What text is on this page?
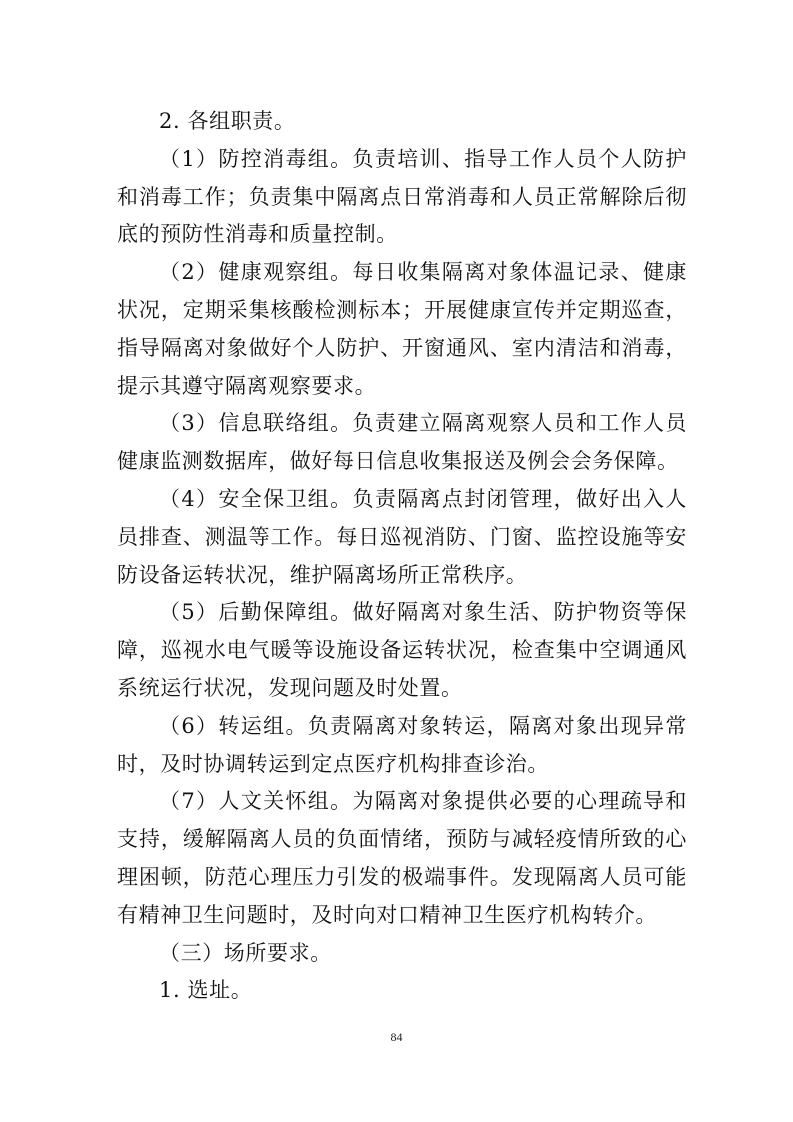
2. 各组职责。

（1）防控消毒组。负责培训、指导工作人员个人防护和消毒工作；负责集中隔离点日常消毒和人员正常解除后彻底的预防性消毒和质量控制。

（2）健康观察组。每日收集隔离对象体温记录、健康状况，定期采集核酸检测标本；开展健康宣传并定期巡查，指导隔离对象做好个人防护、开窗通风、室内清洁和消毒，提示其遵守隔离观察要求。

（3）信息联络组。负责建立隔离观察人员和工作人员健康监测数据库，做好每日信息收集报送及例会会务保障。

（4）安全保卫组。负责隔离点封闭管理，做好出入人员排查、测温等工作。每日巡视消防、门窗、监控设施等安防设备运转状况，维护隔离场所正常秩序。

（5）后勤保障组。做好隔离对象生活、防护物资等保障，巡视水电气暖等设施设备运转状况，检查集中空调通风系统运行状况，发现问题及时处置。

（6）转运组。负责隔离对象转运，隔离对象出现异常时，及时协调转运到定点医疗机构排查诊治。

（7）人文关怀组。为隔离对象提供必要的心理疏导和支持，缓解隔离人员的负面情绪，预防与减轻疫情所致的心理困顿，防范心理压力引发的极端事件。发现隔离人员可能有精神卫生问题时，及时向对口精神卫生医疗机构转介。

（三）场所要求。

1. 选址。

84
